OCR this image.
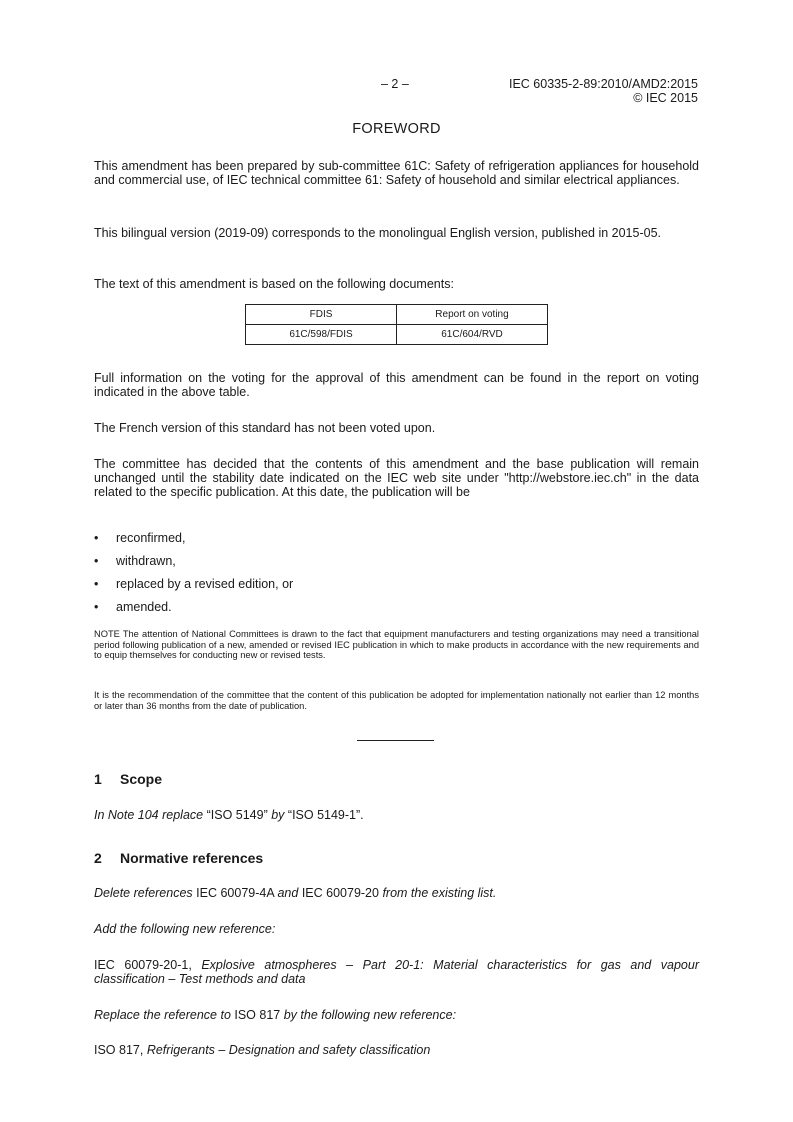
– 2 –	IEC 60335-2-89:2010/AMD2:2015
© IEC 2015
FOREWORD

This amendment has been prepared by sub-committee 61C: Safety of refrigeration appliances for household and commercial use, of IEC technical committee 61: Safety of household and similar electrical appliances.

This bilingual version (2019-09) corresponds to the monolingual English version, published in 2015-05.

The text of this amendment is based on the following documents:

FDIS	Report on voting
61C/598/FDIS	61C/604/RVD

Full information on the voting for the approval of this amendment can be found in the report on voting indicated in the above table.

The French version of this standard has not been voted upon.

The committee has decided that the contents of this amendment and the base publication will remain unchanged until the stability date indicated on the IEC web site under "http://webstore.iec.ch" in the data related to the specific publication. At this date, the publication will be

• reconfirmed,
• withdrawn,
• replaced by a revised edition, or
• amended.

NOTE The attention of National Committees is drawn to the fact that equipment manufacturers and testing organizations may need a transitional period following publication of a new, amended or revised IEC publication in which to make products in accordance with the new requirements and to equip themselves for conducting new or revised tests.

It is the recommendation of the committee that the content of this publication be adopted for implementation nationally not earlier than 12 months or later than 36 months from the date of publication.

1 Scope

In Note 104 replace “ISO 5149” by “ISO 5149-1”.

2 Normative references

Delete references IEC 60079-4A and IEC 60079-20 from the existing list.

Add the following new reference:

IEC 60079-20-1, Explosive atmospheres – Part 20-1: Material characteristics for gas and vapour classification – Test methods and data

Replace the reference to ISO 817 by the following new reference:

ISO 817, Refrigerants – Designation and safety classification
